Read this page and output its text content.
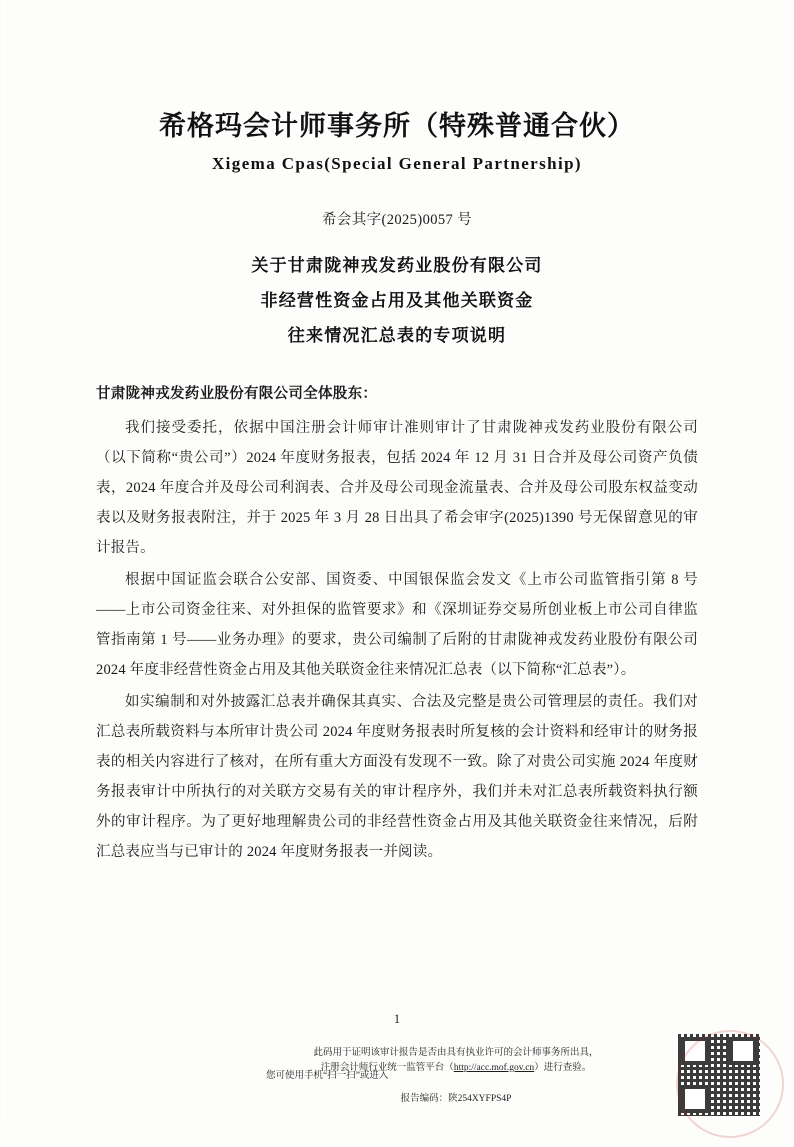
希格玛会计师事务所（特殊普通合伙）
Xigema Cpas(Special General Partnership)
希会其字(2025)0057 号
关于甘肃陇神戎发药业股份有限公司
非经营性资金占用及其他关联资金
往来情况汇总表的专项说明
甘肃陇神戎发药业股份有限公司全体股东：

我们接受委托，依据中国注册会计师审计准则审计了甘肃陇神戎发药业股份有限公司（以下简称“贵公司”）2024 年度财务报表，包括 2024 年 12 月 31 日合并及母公司资产负债表，2024 年度合并及母公司利润表、合并及母公司现金流量表、合并及母公司股东权益变动表以及财务报表附注，并于 2025 年 3 月 28 日出具了希会审字(2025)1390 号无保留意见的审计报告。

根据中国证监会联合公安部、国资委、中国银保监会发文《上市公司监管指引第 8 号——上市公司资金往来、对外担保的监管要求》和《深圳证券交易所创业板上市公司自律监管指南第 1 号——业务办理》的要求，贵公司编制了后附的甘肃陇神戎发药业股份有限公司 2024 年度非经营性资金占用及其他关联资金往来情况汇总表（以下简称“汇总表”）。

如实编制和对外披露汇总表并确保其真实、合法及完整是贵公司管理层的责任。我们对汇总表所载资料与本所审计贵公司 2024 年度财务报表时所复核的会计资料和经审计的财务报表的相关内容进行了核对，在所有重大方面没有发现不一致。除了对贵公司实施 2024 年度财务报表审计中所执行的对关联方交易有关的审计程序外，我们并未对汇总表所载资料执行额外的审计程序。为了更好地理解贵公司的非经营性资金占用及其他关联资金往来情况，后附汇总表应当与已审计的 2024 年度财务报表一并阅读。

1
此码用于证明该审计报告是否由具有执业许可的会计师事务所出具，
注册会计师行业统一监管平台（http://acc.mof.gov.cn）进行查验。
您可使用手机“扫一扫”或进入
报告编码：陕254XYFPS4P
